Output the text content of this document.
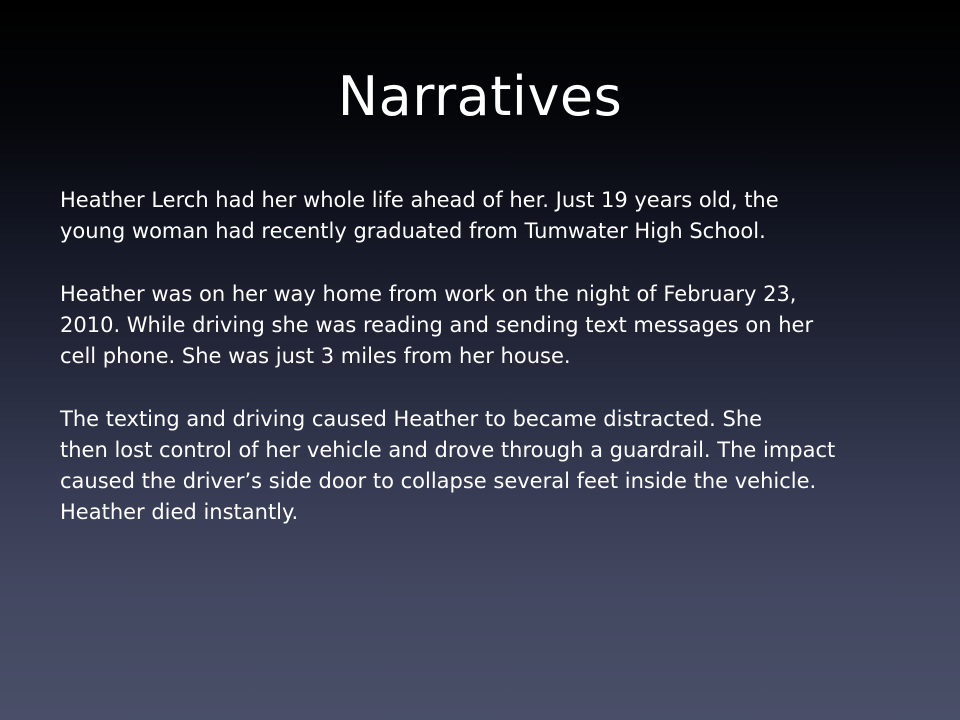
Narratives

Heather Lerch had her whole life ahead of her. Just 19 years old, the
young woman had recently graduated from Tumwater High School.

Heather was on her way home from work on the night of February 23,
2010. While driving she was reading and sending text messages on her
cell phone. She was just 3 miles from her house.

The texting and driving caused Heather to became distracted. She
then lost control of her vehicle and drove through a guardrail. The impact
caused the driver’s side door to collapse several feet inside the vehicle.
Heather died instantly.
